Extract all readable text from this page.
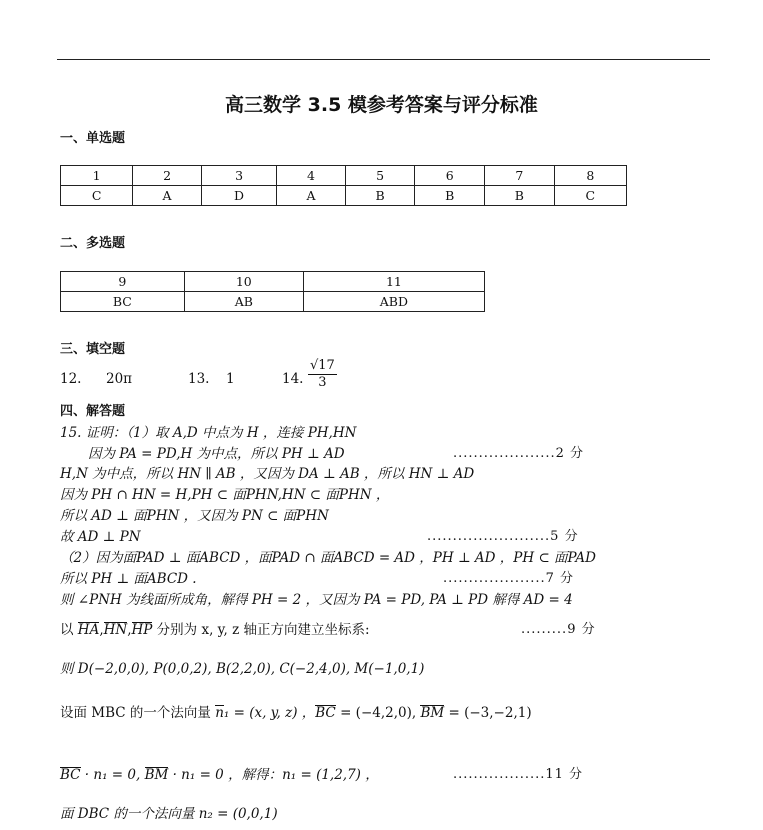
高三数学 3.5 模参考答案与评分标准
一、单选题
1	2	3	4	5	6	7	8
C	A	D	A	B	B	B	C
二、多选题
9	10	11
BC	AB	ABD
三、填空题
12. 20π	13. 1	14. $\frac{√17}{3}$
四、解答题
15. 证明：（1）取 A,D 中点为 H ，连接 PH,HN
因为 PA = PD,H 为中点，所以 PH ⊥ AD	....................2 分
H,N 为中点，所以 HN ∥ AB ，又因为 DA ⊥ AB ，所以 HN ⊥ AD
因为 PH ∩ HN = H,PH ⊂ 面PHN,HN ⊂ 面PHN ，
所以 AD ⊥ 面PHN ，又因为 PN ⊂ 面PHN
故 AD ⊥ PN	........................5 分
（2）因为面PAD ⊥ 面ABCD ，面PAD ∩ 面ABCD = AD ，PH ⊥ AD ，PH ⊂ 面PAD
所以 PH ⊥ 面ABCD .	....................7 分
则 ∠PNH 为线面所成角，解得 PH = 2 ，又因为 PA = PD, PA ⊥ PD 解得 AD = 4
以 HA,HN,HP 分别为 x, y, z 轴正方向建立坐标系:	.........9 分
则 D(−2,0,0), P(0,0,2), B(2,2,0), C(−2,4,0), M(−1,0,1)
设面 MBC 的一个法向量 n₁ = (x, y, z) ，BC = (−4,2,0), BM = (−3,−2,1)
BC · n₁ = 0, BM · n₁ = 0 ，解得：n₁ = (1,2,7) ，	..................11 分
面 DBC 的一个法向量 n₂ = (0,0,1)
